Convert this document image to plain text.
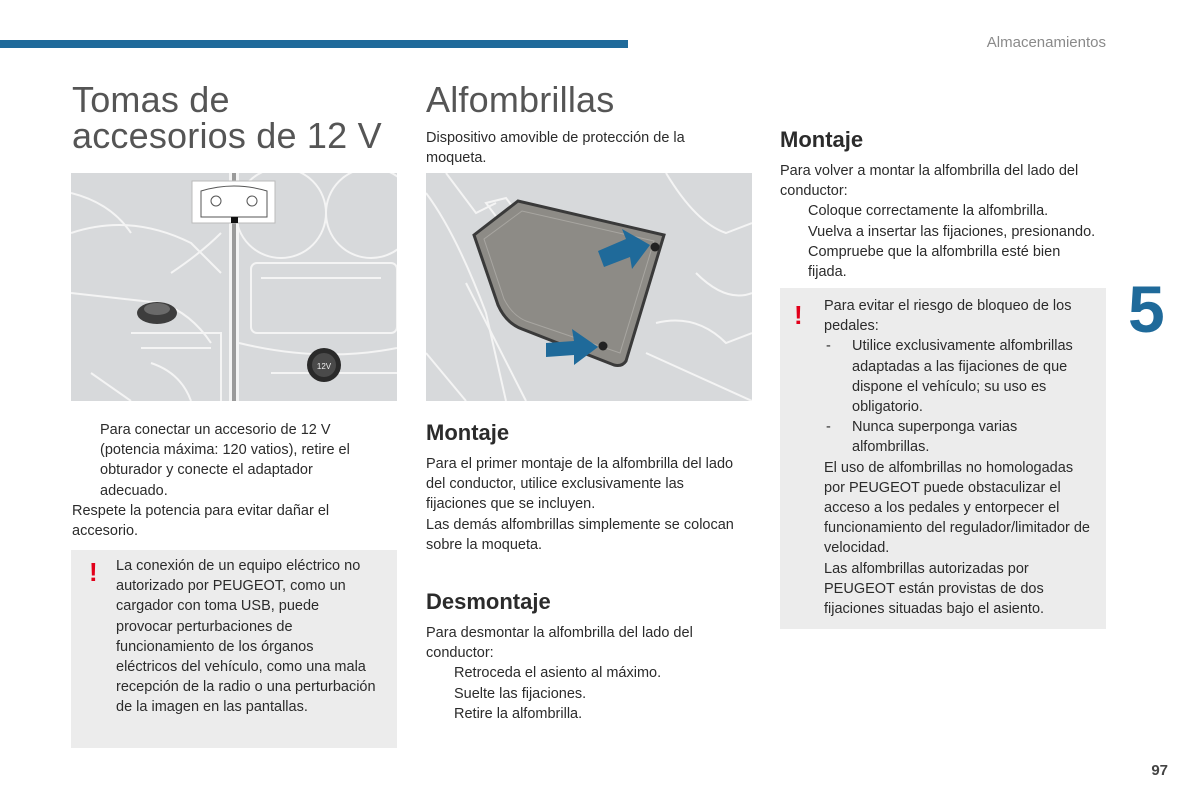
Almacenamientos
5
97
Tomas de
accesorios de 12 V
12V
Para conectar un accesorio de 12 V (potencia máxima: 120 vatios), retire el obturador y conecte el adaptador adecuado.

Respete la potencia para evitar dañar el accesorio.

! La conexión de un equipo eléctrico no autorizado por PEUGEOT, como un cargador con toma USB, puede provocar perturbaciones de funcionamiento de los órganos eléctricos del vehículo, como una mala recepción de la radio o una perturbación de la imagen en las pantallas.

Alfombrillas

Dispositivo amovible de protección de la moqueta.

Montaje

Para el primer montaje de la alfombrilla del lado del conductor, utilice exclusivamente las fijaciones que se incluyen.

Las demás alfombrillas simplemente se colocan sobre la moqueta.

Desmontaje

Para desmontar la alfombrilla del lado del conductor:

Retroceda el asiento al máximo.
Suelte las fijaciones.
Retire la alfombrilla.
Montaje

Para volver a montar la alfombrilla del lado del conductor:

Coloque correctamente la alfombrilla.
Vuelva a insertar las fijaciones, presionando.
Compruebe que la alfombrilla esté bien fijada.
! Para evitar el riesgo de bloqueo de los pedales:

- Utilice exclusivamente alfombrillas adaptadas a las fijaciones de que dispone el vehículo; su uso es obligatorio.
- Nunca superponga varias alfombrillas.

El uso de alfombrillas no homologadas por PEUGEOT puede obstaculizar el acceso a los pedales y entorpecer el funcionamiento del regulador/limitador de velocidad.

Las alfombrillas autorizadas por PEUGEOT están provistas de dos fijaciones situadas bajo el asiento.
